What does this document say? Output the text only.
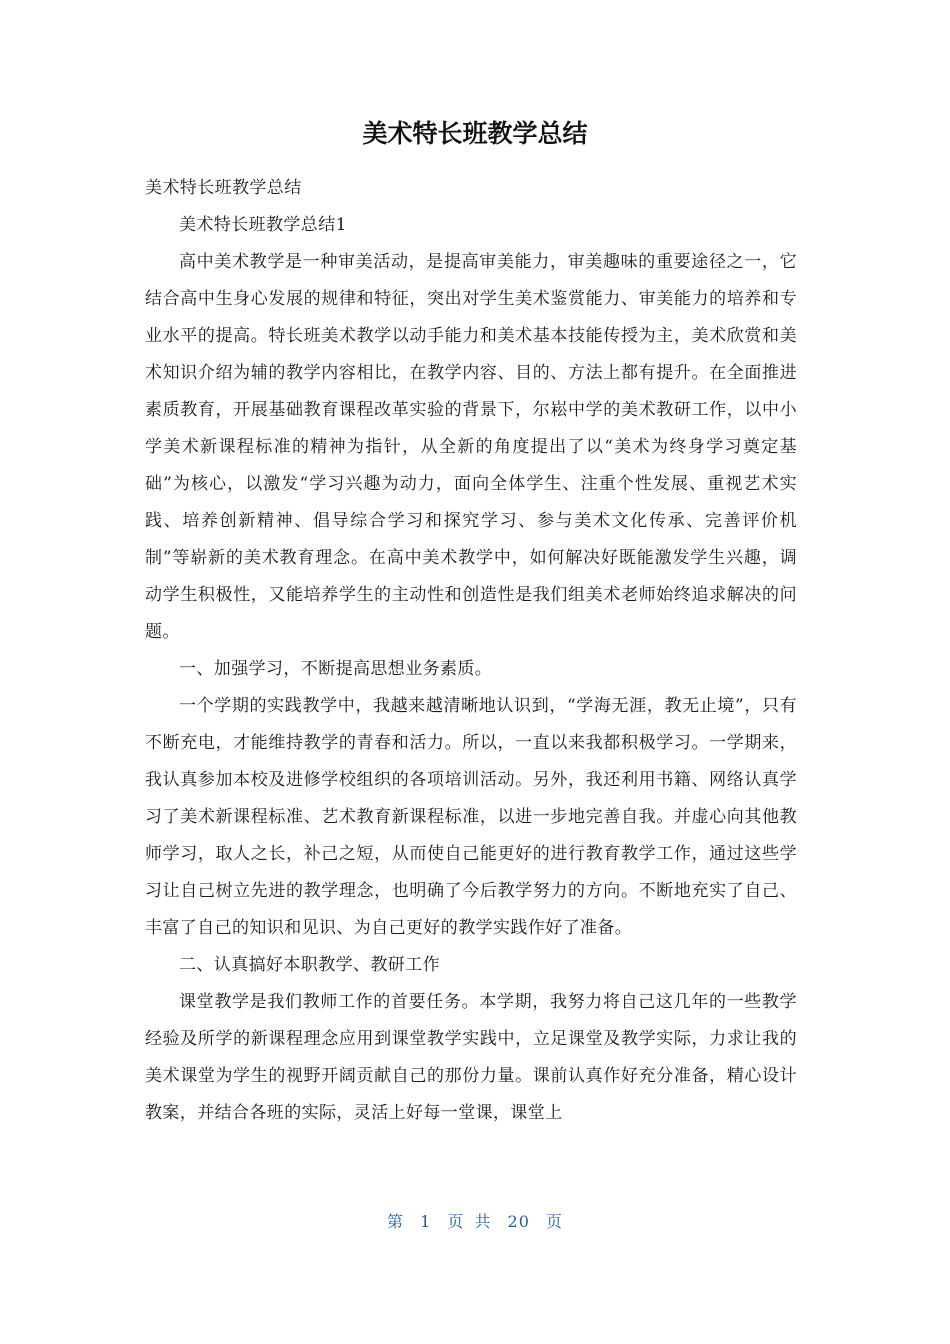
美术特长班教学总结

美术特长班教学总结

美术特长班教学总结1

高中美术教学是一种审美活动，是提高审美能力，审美趣味的重要途径之一，它结合高中生身心发展的规律和特征，突出对学生美术鉴赏能力、审美能力的培养和专业水平的提高。特长班美术教学以动手能力和美术基本技能传授为主，美术欣赏和美术知识介绍为辅的教学内容相比，在教学内容、目的、方法上都有提升。在全面推进素质教育，开展基础教育课程改革实验的背景下，尔崧中学的美术教研工作，以中小学美术新课程标准的精神为指针，从全新的角度提出了以“美术为终身学习奠定基础”为核心，以激发“学习兴趣为动力，面向全体学生、注重个性发展、重视艺术实践、培养创新精神、倡导综合学习和探究学习、参与美术文化传承、完善评价机制”等崭新的美术教育理念。在高中美术教学中，如何解决好既能激发学生兴趣，调动学生积极性，又能培养学生的主动性和创造性是我们组美术老师始终追求解决的问题。

一、加强学习，不断提高思想业务素质。

一个学期的实践教学中，我越来越清晰地认识到，“学海无涯，教无止境”，只有不断充电，才能维持教学的青春和活力。所以，一直以来我都积极学习。一学期来，我认真参加本校及进修学校组织的各项培训活动。另外，我还利用书籍、网络认真学习了美术新课程标准、艺术教育新课程标准，以进一步地完善自我。并虚心向其他教师学习，取人之长，补己之短，从而使自己能更好的进行教育教学工作，通过这些学习让自己树立先进的教学理念，也明确了今后教学努力的方向。不断地充实了自己、丰富了自己的知识和见识、为自己更好的教学实践作好了准备。

二、认真搞好本职教学、教研工作

课堂教学是我们教师工作的首要任务。本学期，我努力将自己这几年的一些教学经验及所学的新课程理念应用到课堂教学实践中，立足课堂及教学实际，力求让我的美术课堂为学生的视野开阔贡献自己的那份力量。课前认真作好充分准备，精心设计教案，并结合各班的实际，灵活上好每一堂课，课堂上

第 1 页 共 20 页
